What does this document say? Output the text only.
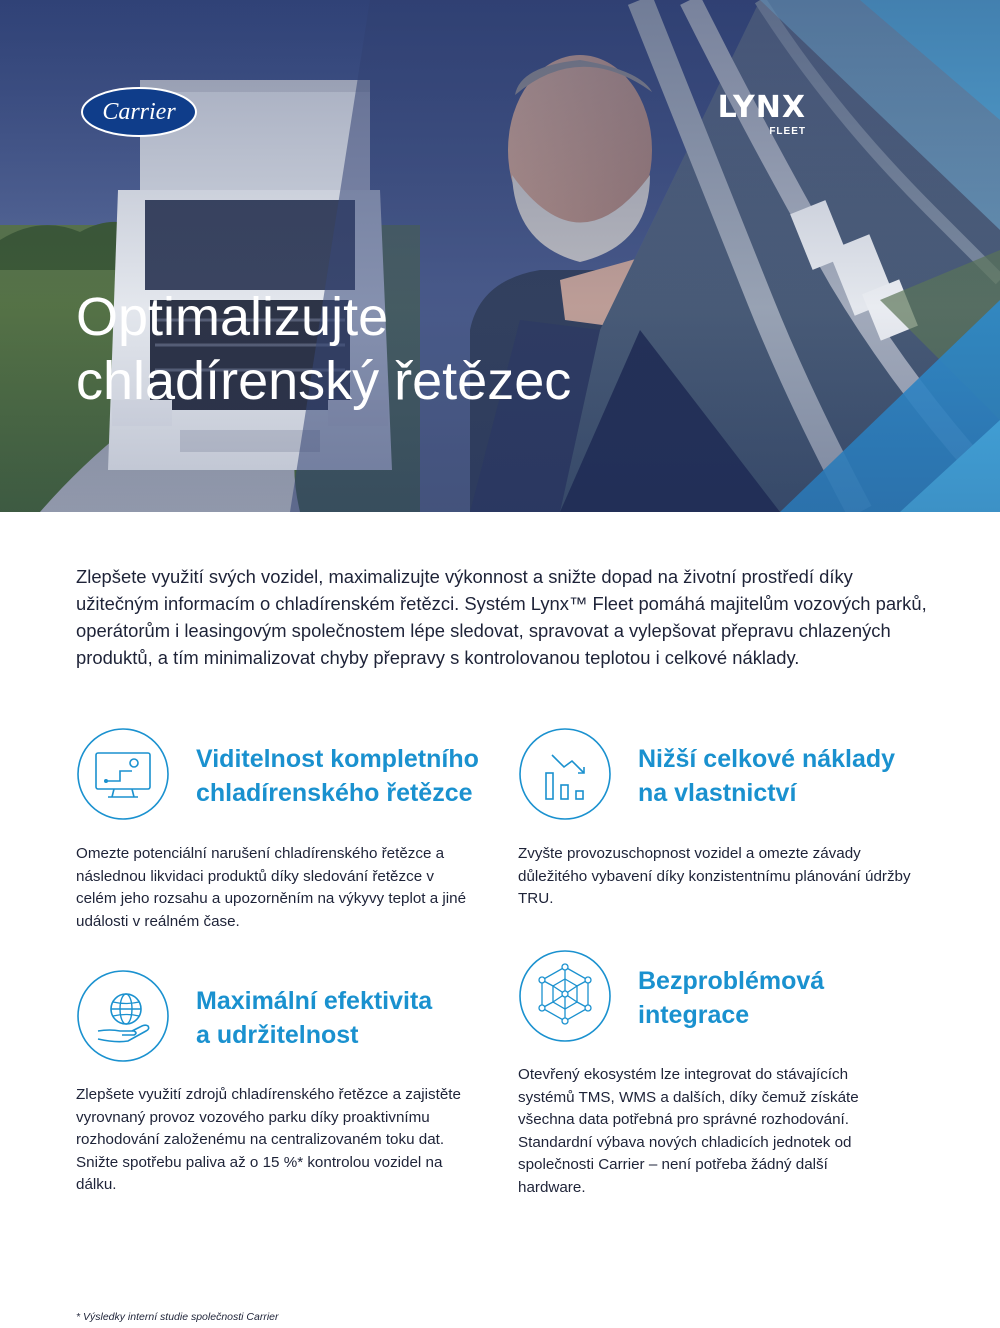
Carrier	LYNX
FLEET
Optimalizujte
chladírenský řetězec

Zlepšete využití svých vozidel, maximalizujte výkonnost a snižte dopad na životní prostředí díky užitečným informacím o chladírenském řetězci. Systém Lynx™ Fleet pomáhá majitelům vozových parků, operátorům i leasingovým společnostem lépe sledovat, spravovat a vylepšovat přepravu chlazených produktů, a tím minimalizovat chyby přepravy s kontrolovanou teplotou i celkové náklady.

Viditelnost kompletního
chladírenského řetězce

Omezte potenciální narušení chladírenského řetězce a následnou likvidaci produktů díky sledování řetězce v celém jeho rozsahu a upozorněním na výkyvy teplot a jiné události v reálném čase.

Nižší celkové náklady
na vlastnictví

Zvyšte provozuschopnost vozidel a omezte závady důležitého vybavení díky konzistentnímu plánování údržby TRU.

Maximální efektivita
a udržitelnost

Zlepšete využití zdrojů chladírenského řetězce a zajistěte vyrovnaný provoz vozového parku díky proaktivnímu rozhodování založenému na centralizovaném toku dat. Snižte spotřebu paliva až o 15 %* kontrolou vozidel na dálku.

Bezproblémová
integrace

Otevřený ekosystém lze integrovat do stávajících systémů TMS, WMS a dalších, díky čemuž získáte všechna data potřebná pro správné rozhodování. Standardní výbava nových chladicích jednotek od společnosti Carrier – není potřeba žádný další hardware.

* Výsledky interní studie společnosti Carrier
